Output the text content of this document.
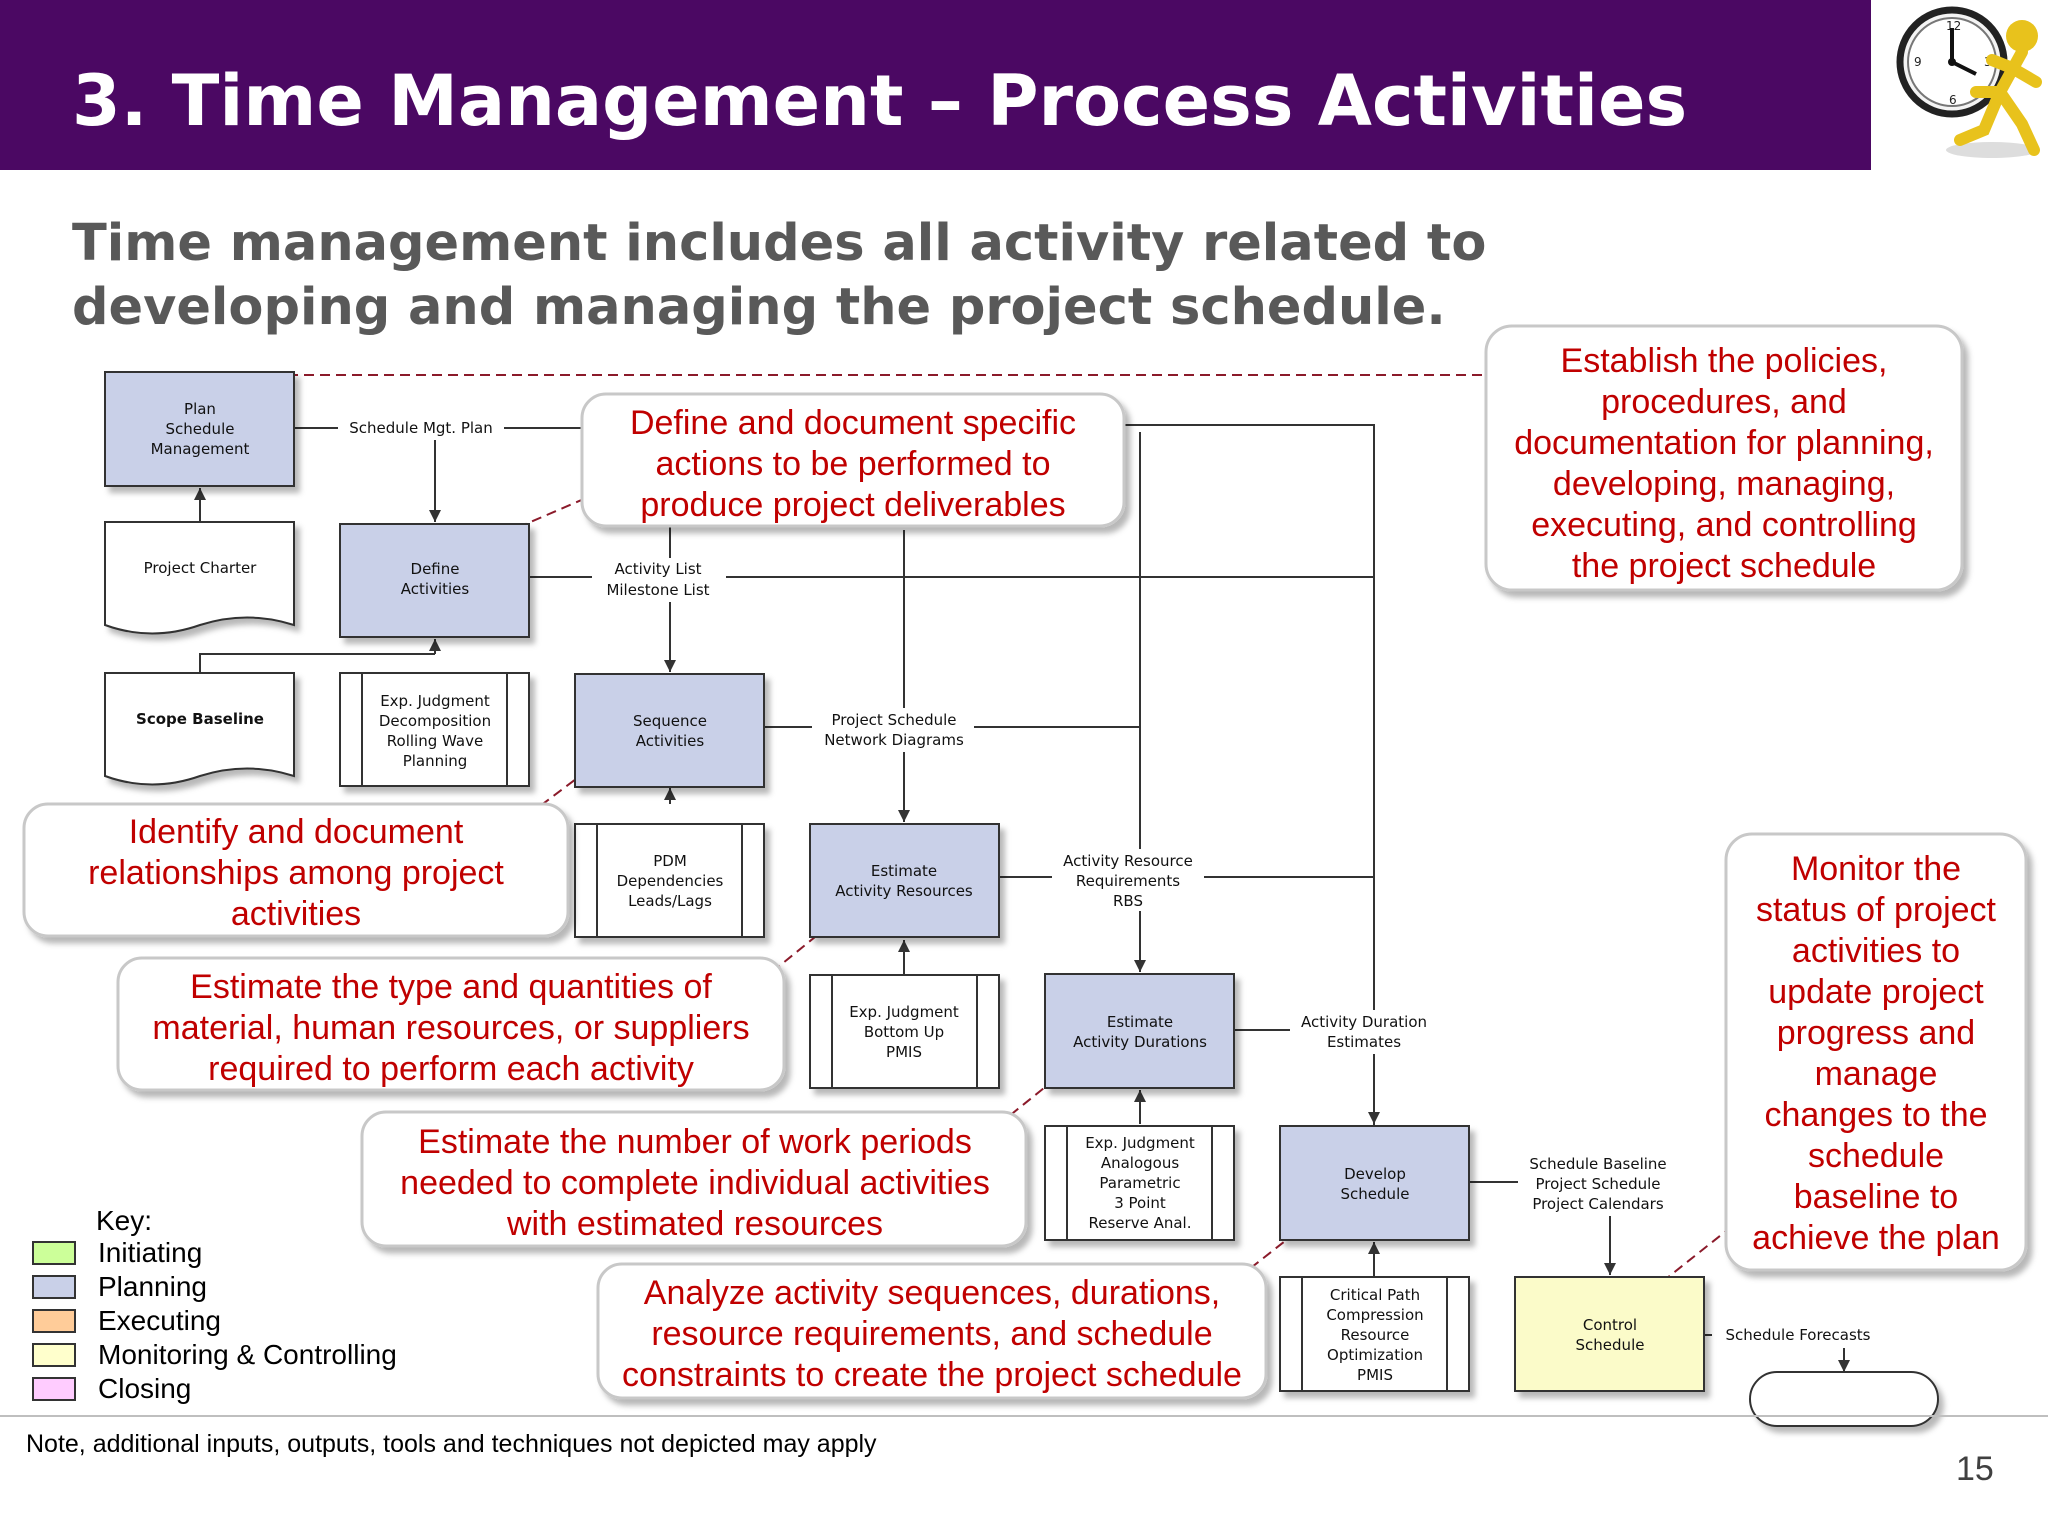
3. Time Management – Process Activities
12
3
6
9
Time management includes all activity related to developing and managing the project schedule.
Schedule Mgt. Plan
Activity List
Milestone List
Project Schedule
Network Diagrams
Activity Resource
Requirements
RBS
Activity Duration
Estimates
Schedule Baseline
Project Schedule
Project Calendars
Schedule Forecasts
Project Charter
Scope Baseline
Plan
Schedule
Management
Define
Activities
Sequence
Activities
Estimate
Activity Resources
Estimate
Activity Durations
Develop
Schedule
Control
Schedule
Exp. Judgment
Decomposition
Rolling Wave
Planning
PDM
Dependencies
Leads/Lags
Exp. Judgment
Bottom Up
PMIS
Exp. Judgment
Analogous
Parametric
3 Point
Reserve Anal.
Critical Path
Compression
Resource
Optimization
PMIS
Establish the policies,
procedures, and
documentation for planning,
developing, managing,
executing, and controlling
the project schedule
Define and document specific
actions to be performed to
produce project deliverables
Identify and document
relationships among project
activities
Estimate the type and quantities of
material, human resources, or suppliers
required to perform each activity
Estimate the number of work periods
needed to complete individual activities
with estimated resources
Analyze activity sequences, durations,
resource requirements, and schedule
constraints to create the project schedule
Monitor the
status of project
activities to
update project
progress and
manage
changes to the
schedule
baseline to
achieve the plan
Key:
Initiating
Planning
Executing
Monitoring & Controlling
Closing
Note, additional inputs, outputs, tools and techniques not depicted may apply
15
